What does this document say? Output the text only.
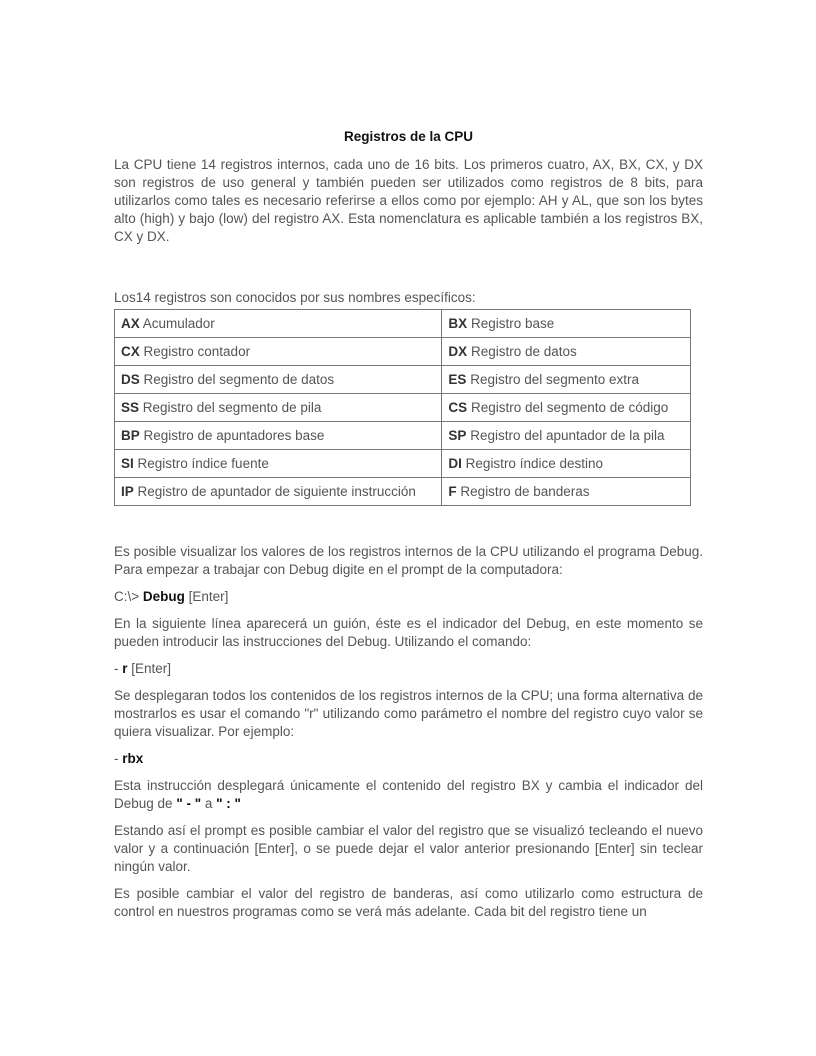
Registros de la CPU

La CPU tiene 14 registros internos, cada uno de 16 bits. Los primeros cuatro, AX, BX, CX, y DX son registros de uso general y también pueden ser utilizados como registros de 8 bits, para utilizarlos como tales es necesario referirse a ellos como por ejemplo: AH y AL, que son los bytes alto (high) y bajo (low) del registro AX. Esta nomenclatura es aplicable también a los registros BX, CX y DX.

Los14 registros son conocidos por sus nombres específicos:

AX Acumulador	BX Registro base
CX Registro contador	DX Registro de datos
DS Registro del segmento de datos	ES Registro del segmento extra
SS Registro del segmento de pila	CS Registro del segmento de código
BP Registro de apuntadores base	SP Registro del apuntador de la pila
SI Registro índice fuente	DI Registro índice destino
IP Registro de apuntador de siguiente instrucción	F Registro de banderas

Es posible visualizar los valores de los registros internos de la CPU utilizando el programa Debug. Para empezar a trabajar con Debug digite en el prompt de la computadora:

C:\> Debug [Enter]

En la siguiente línea aparecerá un guión, éste es el indicador del Debug, en este momento se pueden introducir las instrucciones del Debug. Utilizando el comando:

- r [Enter]

Se desplegaran todos los contenidos de los registros internos de la CPU; una forma alternativa de mostrarlos es usar el comando "r" utilizando como parámetro el nombre del registro cuyo valor se quiera visualizar. Por ejemplo:

- rbx

Esta instrucción desplegará únicamente el contenido del registro BX y cambia el indicador del Debug de " - " a " : "

Estando así el prompt es posible cambiar el valor del registro que se visualizó tecleando el nuevo valor y a continuación [Enter], o se puede dejar el valor anterior presionando [Enter] sin teclear ningún valor.

Es posible cambiar el valor del registro de banderas, así como utilizarlo como estructura de control en nuestros programas como se verá más adelante. Cada bit del registro tiene un
